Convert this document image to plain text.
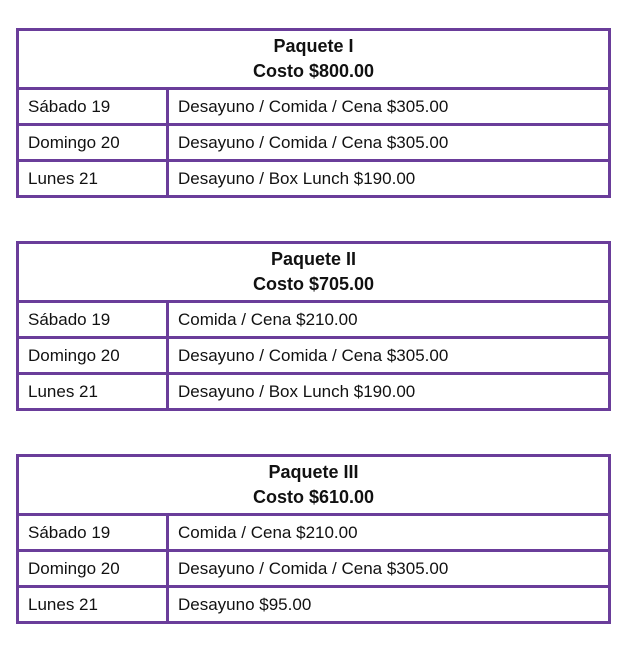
Paquete I
Costo $800.00	

Sábado 19	Desayuno / Comida / Cena $305.00
Domingo 20	Desayuno / Comida / Cena $305.00
Lunes 21	Desayuno / Box Lunch $190.00
Paquete II
Costo $705.00	

Sábado 19	Comida / Cena $210.00
Domingo 20	Desayuno / Comida / Cena $305.00
Lunes 21	Desayuno / Box Lunch $190.00
Paquete III
Costo $610.00	

Sábado 19	Comida / Cena $210.00
Domingo 20	Desayuno / Comida / Cena $305.00
Lunes 21	Desayuno $95.00
